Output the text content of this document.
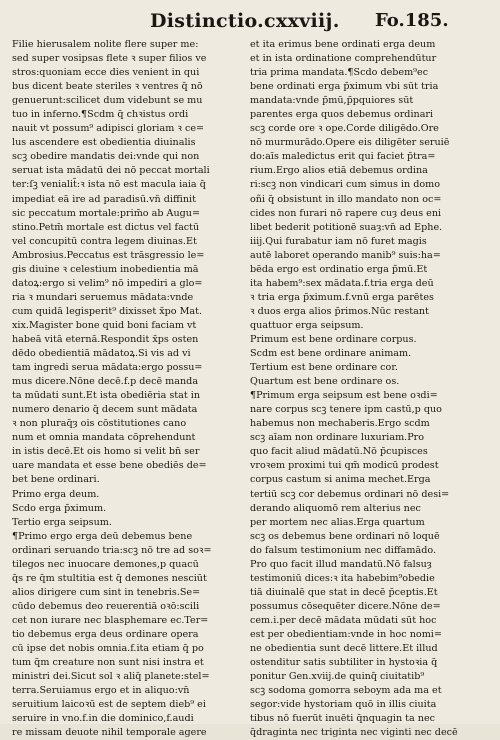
Distinctio.cxxviij. Fo.185.
Filie hierusalem nolite flere super me:
sed super vosipsas flete ꝛ super filios ve
stros:quoniam ecce dies venient in qui
bus dicent beate steriles ꝛ ventres q̄ nō
genuerunt:scilicet dum videbunt se mu
tuo in inferno.¶Scdm q̄ chꝛistus ordi
nauit vt possum⁹ adipisci gloriam ꝛ ce=
lus ascendere est obedientia diuinalis
scꝫ obedire mandatis dei:vnde qui non
seruat ista mādatū dei nō peccat mortali
ter:ſꝫ venialit̄:ꝛ ista nō est macula iaia q̄
impediat eā ire ad paradisū.vn̄ diffinit
sic peccatum mortale:prim̄o ab Augu=
stino.Petm̄ mortale est dictus vel factū
vel concupitū contra legem diuinas.Et
Ambrosius.Peccatus est trāsgressio le=
gis diuine ꝛ celestium inobedientia mā
datoꝝ:ergo si velim⁹ nō impediri a glo=
ria ꝛ mundari seruemus mādata:vnde
cum quidā legisperit⁹ dixisset x̄po Mat.
xix.Magister bone quid boni faciam vt
habeā vitā eternā.Respondit x̄ps osten
dēdo obedientiā mādatoꝝ.Si vis ad vi
tam ingredi serua mādata:ergo possu=
mus dicere.Nōne decē.f.p decē manda
ta mūdati sunt.Et ista obediēria stat in
numero denario q̄ decem sunt mādata
ꝛ non pluraq̄ȝ ois cōstitutiones cano
num et omnia mandata cōprehendunt
in istis decē.Et ois homo si velit bn̄ ser
uare mandata et esse bene obediēs de=
bet bene ordinari.
Primo erga deum.
Scdo erga p̄ximum.
Tertio erga seipsum.
¶Primo ergo erga deū debemus bene
ordinari seruando tria:scꝫ nō tre ad soꝛ=
tilegos nec inuocare demones,p quacū
q̄s re q̄m stultitia est q̄ demones nesciūt
alios dirigere cum sint in tenebris.Se=
cūdo debemus deo reuerentiā oꝛō:scili
cet non iurare nec blasphemare ec.Ter=
tio debemus erga deus ordinare opera
cū ipse det nobis omnia.f.ita etiam q̄ po
tum q̄m creature non sunt nisi instra et
ministri dei.Sicut sol ꝛ aliq̄ planete:stel=
terra.Seruiamus ergo et in aliquo:vn̄
seruitium laicoꝛū est de septem dieb⁹ ei
seruire in vno.f.in die dominico,f.audi
re missam deuote nihil temporale agere
et ita erimus bene ordinati erga deum
et in ista ordinatione comprehendūtur
tria prima mandata.¶Scdo debem⁹ec
bene ordinati erga p̄ximum vbi sūt tria
mandata:vnde p̄mū,p̄pquiores sūt
parentes erga quos debemus ordinari
scꝫ corde ore ꝛ ope.Corde diligēdo.Ore
nō murmurādo.Opere eis diligēter seruiē
do:aīs maledictus erit qui faciet p̄tra=
rium.Ergo alios etiā debemus ordina
ri:scꝫ non vindicari cum simus in domo
oñi q̄ obsistunt in illo mandato non oc=
cides non furari nō rapere cuȝ deus eni
libet bederit potitionē suaȝ:vn̄ ad Ephe.
iiij.Qui furabatur iam nō furet magis
autē laboret operando manib⁹ suis:ha=
bēda ergo est ordinatio erga p̄mū.Et
ita habem⁹:sex mādata.f.tria erga deū
ꝛ tria erga p̄ximum.f.vnū erga parētes
ꝛ duos erga alios p̄rimos.Nūc restant
quattuor erga seipsum.
Primum est bene ordinare corpus.
Scdm est bene ordinare animam.
Tertium est bene ordinare cor.
Quartum est bene ordinare os.
¶Primum erga seipsum est bene oꝛdi=
nare corpus scꝫ tenere ipm castū,p quo
habemus non mechaberis.Ergo scdm
scꝫ aīam non ordinare luxuriam.Pro
quo facit aliud mādatū.Nō p̄cupisces
vroꝛem proximi tui qm̄ modicū prodest
corpus castum si anima mechet.Erga
tertiū scꝫ cor debemus ordinari nō desi=
derando aliquomō rem alterius nec
per mortem nec alias.Erga quartum
scꝫ os debemus bene ordinari nō loquē
do falsum testimonium nec diffamādo.
Pro quo facit illud mandatū.Nō falsuȝ
testimoniū dices:ꝛ ita habebim⁹obedie
tiā diuinalē que stat in decē p̄ceptis.Et
possumus cōsequēter dicere.Nōne de=
cem.i.per decē mādata mūdati sūt hoc
est per obedientiam:vnde in hoc nomi=
ne obedientia sunt decē littere.Et illud
ostenditur satis subtiliter in hystoꝛia q̄
ponitur Gen.xviij.de quinq̄ ciuitatib⁹
scꝫ sodoma gomorra seboym ada ma et
segor:vide hystoriam quō in illis ciuita
tibus nō fuerūt inuēti q̄nquagin ta nec
q̄draginta nec triginta nec viginti nec decē
